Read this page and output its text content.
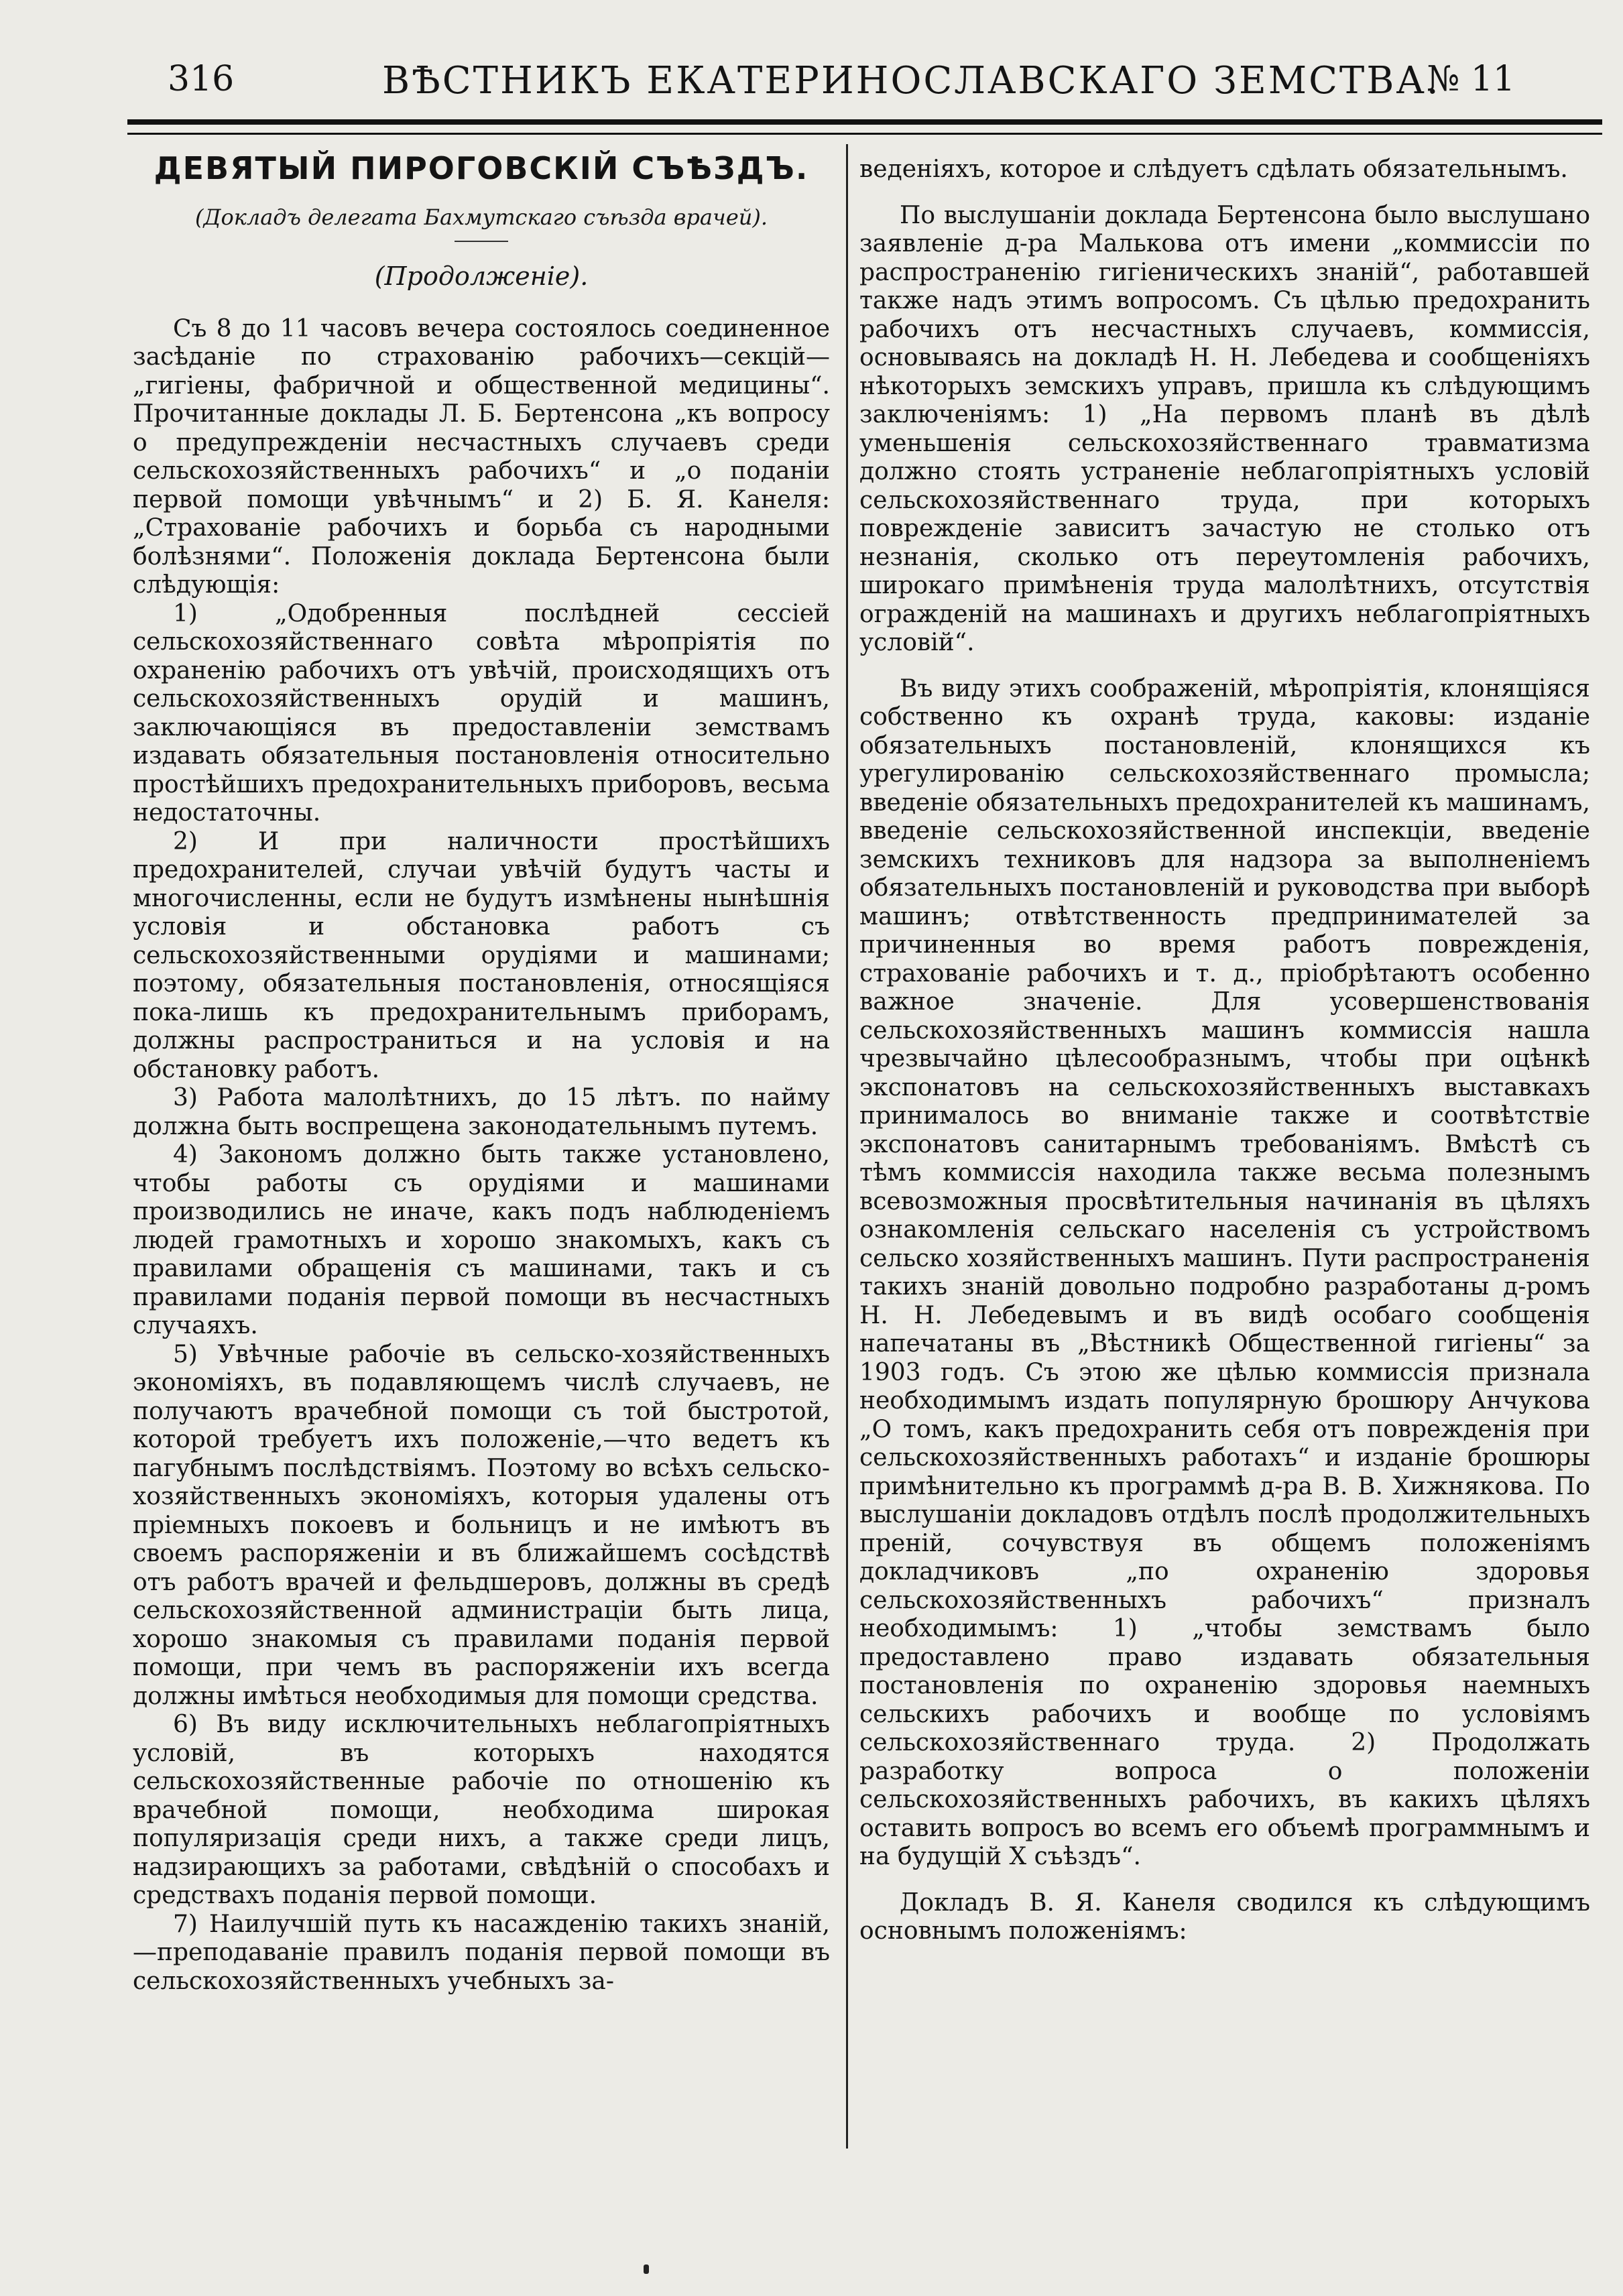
316	ВѢСТНИКЪ ЕКАТЕРИНОСЛАВСКАГО ЗЕМСТВА.
№ 11
ДЕВЯТЫЙ ПИРОГОВСКІЙ СЪѢЗДЪ.
(Докладъ делегата Бахмутскаго съѣзда врачей).
(Продолженіе).

Съ 8 до 11 часовъ вечера состоялось соединенное засѣданіе по страхованію рабочихъ—секцій—„гигіены, фабричной и общественной медицины“. Прочитанные доклады Л. Б. Бертенсона „къ вопросу о предупрежденіи несчастныхъ случаевъ среди сельскохозяйственныхъ рабочихъ“ и „о поданіи первой помощи увѣчнымъ“ и 2) Б. Я. Канеля: „Страхованіе рабочихъ и борьба съ народными болѣзнями“. Положенія доклада Бертенсона были слѣдующія:

1) „Одобренныя послѣдней сессіей сельскохозяйственнаго совѣта мѣропріятія по охраненію рабочихъ отъ увѣчій, происходящихъ отъ сельскохозяйственныхъ орудій и машинъ, заключающіяся въ предоставленіи земствамъ издавать обязательныя постановленія относительно простѣйшихъ предохранительныхъ приборовъ, весьма недостаточны.

2) И при наличности простѣйшихъ предохранителей, случаи увѣчій будутъ часты и многочисленны, если не будутъ измѣнены нынѣшнія условія и обстановка работъ съ сельскохозяйственными орудіями и машинами; поэтому, обязательныя постановленія, относящіяся пока-лишь къ предохранительнымъ приборамъ, должны распространиться и на условія и на обстановку работъ.

3) Работа малолѣтнихъ, до 15 лѣтъ. по найму должна быть воспрещена законодательнымъ путемъ.

4) Закономъ должно быть также установлено, чтобы работы съ орудіями и машинами производились не иначе, какъ подъ наблюденіемъ людей грамотныхъ и хорошо знакомыхъ, какъ съ правилами обращенія съ машинами, такъ и съ правилами поданія первой помощи въ несчастныхъ случаяхъ.

5) Увѣчные рабочіе въ сельско-хозяйственныхъ экономіяхъ, въ подавляющемъ числѣ случаевъ, не получаютъ врачебной помощи съ той быстротой, которой требуетъ ихъ положеніе,—что ведетъ къ пагубнымъ послѣдствіямъ. Поэтому во всѣхъ сельско-хозяйственныхъ экономіяхъ, которыя удалены отъ пріемныхъ покоевъ и больницъ и не имѣютъ въ своемъ распоряженіи и въ ближайшемъ сосѣдствѣ отъ работъ врачей и фельдшеровъ, должны въ средѣ сельскохозяйственной администраціи быть лица, хорошо знакомыя съ правилами поданія первой помощи, при чемъ въ распоряженіи ихъ всегда должны имѣться необходимыя для помощи средства.

6) Въ виду исключительныхъ неблагопріятныхъ условій, въ которыхъ находятся сельскохозяйственные рабочіе по отношенію къ врачебной помощи, необходима широкая популяризація среди нихъ, а также среди лицъ, надзирающихъ за работами, свѣдѣній о способахъ и средствахъ поданія первой помощи.

7) Наилучшій путь къ насажденію такихъ знаній,—преподаваніе правилъ поданія первой помощи въ сельскохозяйственныхъ учебныхъ за-

веденіяхъ, которое и слѣдуетъ сдѣлать обязательнымъ.

По выслушаніи доклада Бертенсона было выслушано заявленіе д-ра Малькова отъ имени „коммиссіи по распространенію гигіеническихъ знаній“, работавшей также надъ этимъ вопросомъ. Съ цѣлью предохранить рабочихъ отъ несчастныхъ случаевъ, коммиссія, основываясь на докладѣ Н. Н. Лебедева и сообщеніяхъ нѣкоторыхъ земскихъ управъ, пришла къ слѣдующимъ заключеніямъ: 1) „На первомъ планѣ въ дѣлѣ уменьшенія сельскохозяйственнаго травматизма должно стоять устраненіе неблагопріятныхъ условій сельскохозяйственнаго труда, при которыхъ поврежденіе зависитъ зачастую не столько отъ незнанія, сколько отъ переутомленія рабочихъ, широкаго примѣненія труда малолѣтнихъ, отсутствія огражденій на машинахъ и другихъ неблагопріятныхъ условій“.

Въ виду этихъ соображеній, мѣропріятія, клонящіяся собственно къ охранѣ труда, каковы: изданіе обязательныхъ постановленій, клонящихся къ урегулированію сельскохозяйственнаго промысла; введеніе обязательныхъ предохранителей къ машинамъ, введеніе сельскохозяйственной инспекціи, введеніе земскихъ техниковъ для надзора за выполненіемъ обязательныхъ постановленій и руководства при выборѣ машинъ; отвѣтственность предпринимателей за причиненныя во время работъ поврежденія, страхованіе рабочихъ и т. д., пріобрѣтаютъ особенно важное значеніе. Для усовершенствованія сельскохозяйственныхъ машинъ коммиссія нашла чрезвычайно цѣлесообразнымъ, чтобы при оцѣнкѣ экспонатовъ на сельскохозяйственныхъ выставкахъ принималось во вниманіе также и соотвѣтствіе экспонатовъ санитарнымъ требованіямъ. Вмѣстѣ съ тѣмъ коммиссія находила также весьма полезнымъ всевозможныя просвѣтительныя начинанія въ цѣляхъ ознакомленія сельскаго населенія съ устройствомъ сельско хозяйственныхъ машинъ. Пути распространенія такихъ знаній довольно подробно разработаны д-ромъ Н. Н. Лебедевымъ и въ видѣ особаго сообщенія напечатаны въ „Вѣстникѣ Общественной гигіены“ за 1903 годъ. Съ этою же цѣлью коммиссія признала необходимымъ издать популярную брошюру Анчукова „О томъ, какъ предохранить себя отъ поврежденія при сельскохозяйственныхъ работахъ“ и изданіе брошюры примѣнительно къ программѣ д-ра В. В. Хижнякова. По выслушаніи докладовъ отдѣлъ послѣ продолжительныхъ преній, сочувствуя въ общемъ положеніямъ докладчиковъ „по охраненію здоровья сельскохозяйственныхъ рабочихъ“ призналъ необходимымъ: 1) „чтобы земствамъ было предоставлено право издавать обязательныя постановленія по охраненію здоровья наемныхъ сельскихъ рабочихъ и вообще по условіямъ сельскохозяйственнаго труда. 2) Продолжать разработку вопроса о положеніи сельскохозяйственныхъ рабочихъ, въ какихъ цѣляхъ оставить вопросъ во всемъ его объемѣ программнымъ и на будущій X съѣздъ“.

Докладъ В. Я. Канеля сводился къ слѣдующимъ основнымъ положеніямъ:
